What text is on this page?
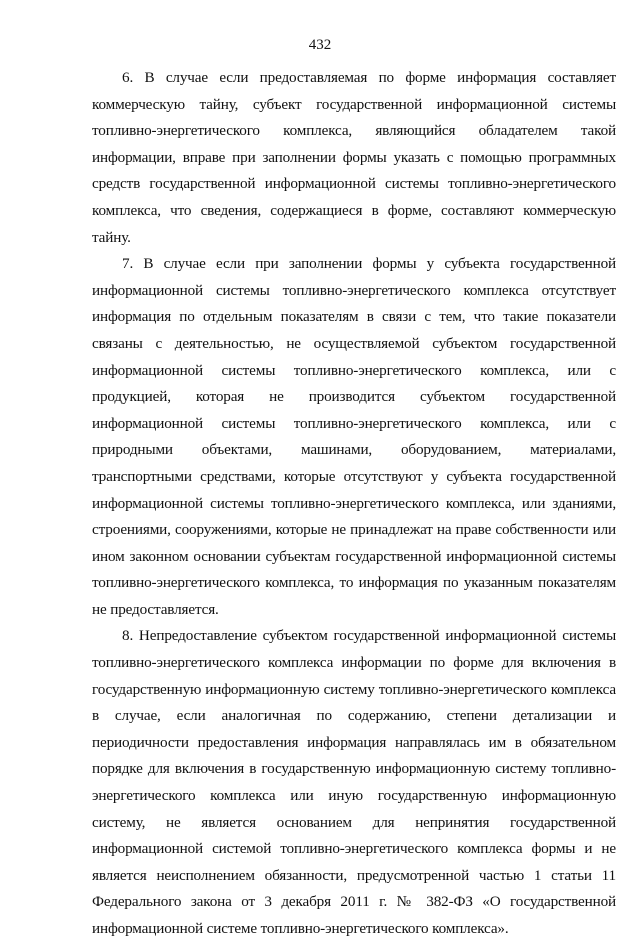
432

6. В случае если предоставляемая по форме информация составляет коммерческую тайну, субъект государственной информационной системы топливно-энергетического комплекса, являющийся обладателем такой информации, вправе при заполнении формы указать с помощью программных средств государственной информационной системы топливно-энергетического комплекса, что сведения, содержащиеся в форме, составляют коммерческую тайну.

7. В случае если при заполнении формы у субъекта государственной информационной системы топливно-энергетического комплекса отсутствует информация по отдельным показателям в связи с тем, что такие показатели связаны с деятельностью, не осуществляемой субъектом государственной информационной системы топливно-энергетического комплекса, или с продукцией, которая не производится субъектом государственной информационной системы топливно-энергетического комплекса, или с природными объектами, машинами, оборудованием, материалами, транспортными средствами, которые отсутствуют у субъекта государственной информационной системы топливно-энергетического комплекса, или зданиями, строениями, сооружениями, которые не принадлежат на праве собственности или ином законном основании субъектам государственной информационной системы топливно-энергетического комплекса, то информация по указанным показателям не предоставляется.

8. Непредоставление субъектом государственной информационной системы топливно-энергетического комплекса информации по форме для включения в государственную информационную систему топливно-энергетического комплекса в случае, если аналогичная по содержанию, степени детализации и периодичности предоставления информация направлялась им в обязательном порядке для включения в государственную информационную систему топливно-энергетического комплекса или иную государственную информационную систему, не является основанием для непринятия государственной информационной системой топливно-энергетического комплекса формы и не является неисполнением обязанности, предусмотренной частью 1 статьи 11 Федерального закона от 3 декабря 2011 г. № 382-ФЗ «О государственной информационной системе топливно-энергетического комплекса».
